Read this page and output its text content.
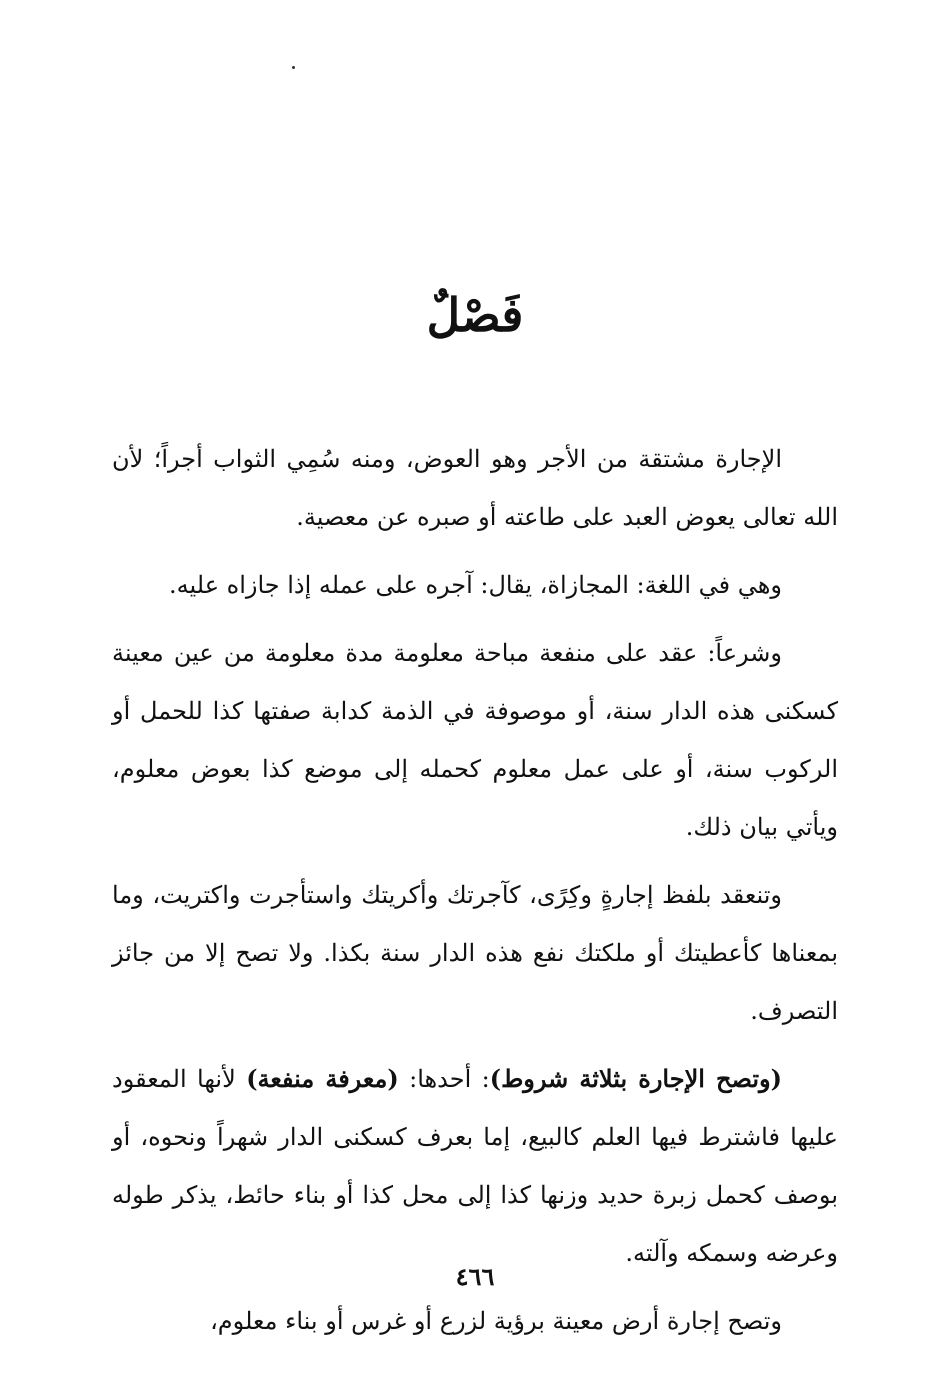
فَصْلٌ

الإجارة مشتقة من الأجر وهو العوض، ومنه سُمِي الثواب أجراً؛ لأن الله تعالى يعوض العبد على طاعته أو صبره عن معصية.

وهي في اللغة: المجازاة، يقال: آجره على عمله إذا جازاه عليه.

وشرعاً: عقد على منفعة مباحة معلومة مدة معلومة من عين معينة كسكنى هذه الدار سنة، أو موصوفة في الذمة كدابة صفتها كذا للحمل أو الركوب سنة، أو على عمل معلوم كحمله إلى موضع كذا بعوض معلوم، ويأتي بيان ذلك.

وتنعقد بلفظ إجارةٍ وكِرًى، كآجرتك وأكريتك واستأجرت واكتريت، وما بمعناها كأعطيتك أو ملكتك نفع هذه الدار سنة بكذا. ولا تصح إلا من جائز التصرف.

(وتصح الإجارة بثلاثة شروط): أحدها: (معرفة منفعة) لأنها المعقود عليها فاشترط فيها العلم كالبيع، إما بعرف كسكنى الدار شهراً ونحوه، أو بوصف كحمل زبرة حديد وزنها كذا إلى محل كذا أو بناء حائط، يذكر طوله وعرضه وسمكه وآلته.

وتصح إجارة أرض معينة برؤية لزرع أو غرس أو بناء معلوم،

٤٦٦
